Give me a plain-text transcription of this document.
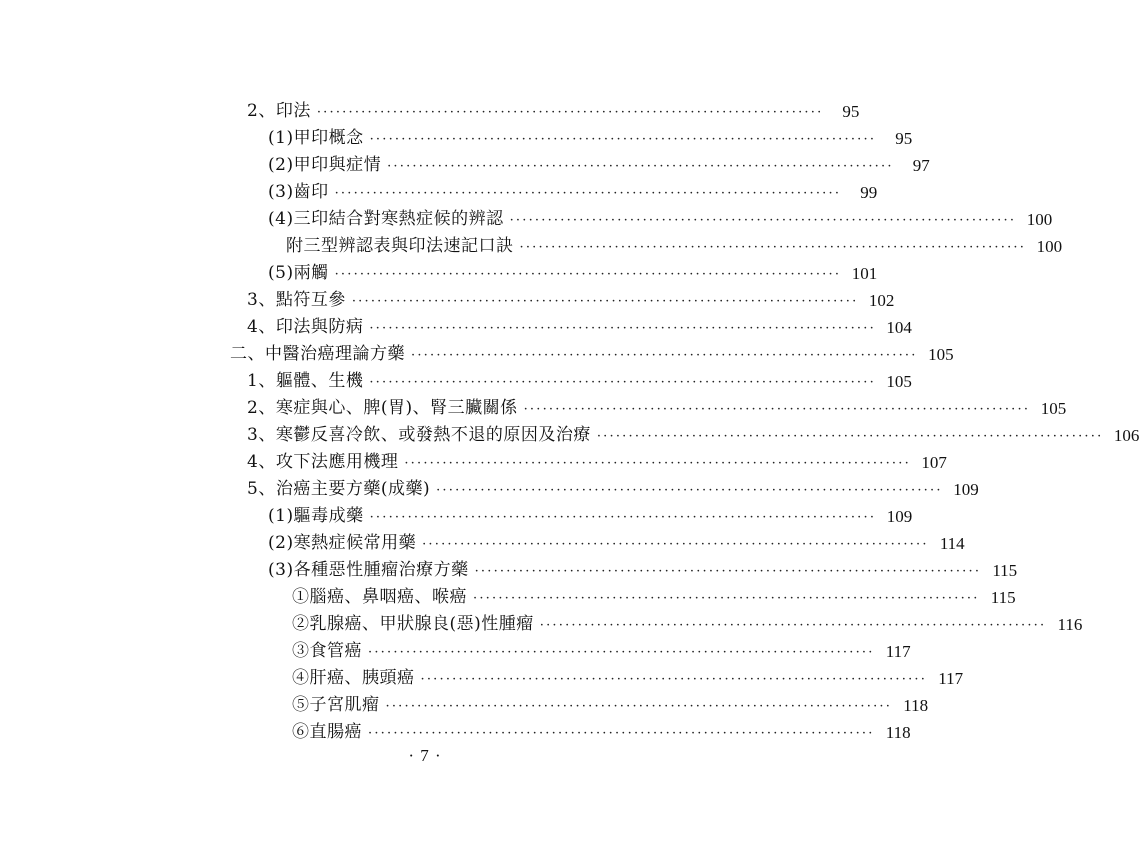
2、印法 ················································································	95
(1)甲印概念 ················································································	95
(2)甲印與症情 ················································································	97
(3)齒印 ················································································	99
(4)三印結合對寒熱症候的辨認 ················································································ 100
附三型辨認表與印法速記口訣 ················································································ 100
(5)兩觸 ················································································ 101
3、點符互參 ················································································ 102
4、印法與防病 ················································································ 104
二、中醫治癌理論方藥 ················································································ 105
1、軀體、生機 ················································································ 105
2、寒症與心、脾(胃)、腎三臟關係 ················································································ 105
3、寒鬱反喜冷飲、或發熱不退的原因及治療 ················································································ 106
4、攻下法應用機理 ················································································ 107
5、治癌主要方藥(成藥) ················································································ 109
(1)驅毒成藥 ················································································ 109
(2)寒熱症候常用藥 ················································································ 114
(3)各種惡性腫瘤治療方藥 ················································································ 115
①腦癌、鼻咽癌、喉癌 ················································································ 115
②乳腺癌、甲狀腺良(惡)性腫瘤 ················································································ 116
③食管癌 ················································································ 117
④肝癌、胰頭癌 ················································································ 117
⑤子宮肌瘤 ················································································ 118
⑥直腸癌 ················································································ 118
· 7 ·
